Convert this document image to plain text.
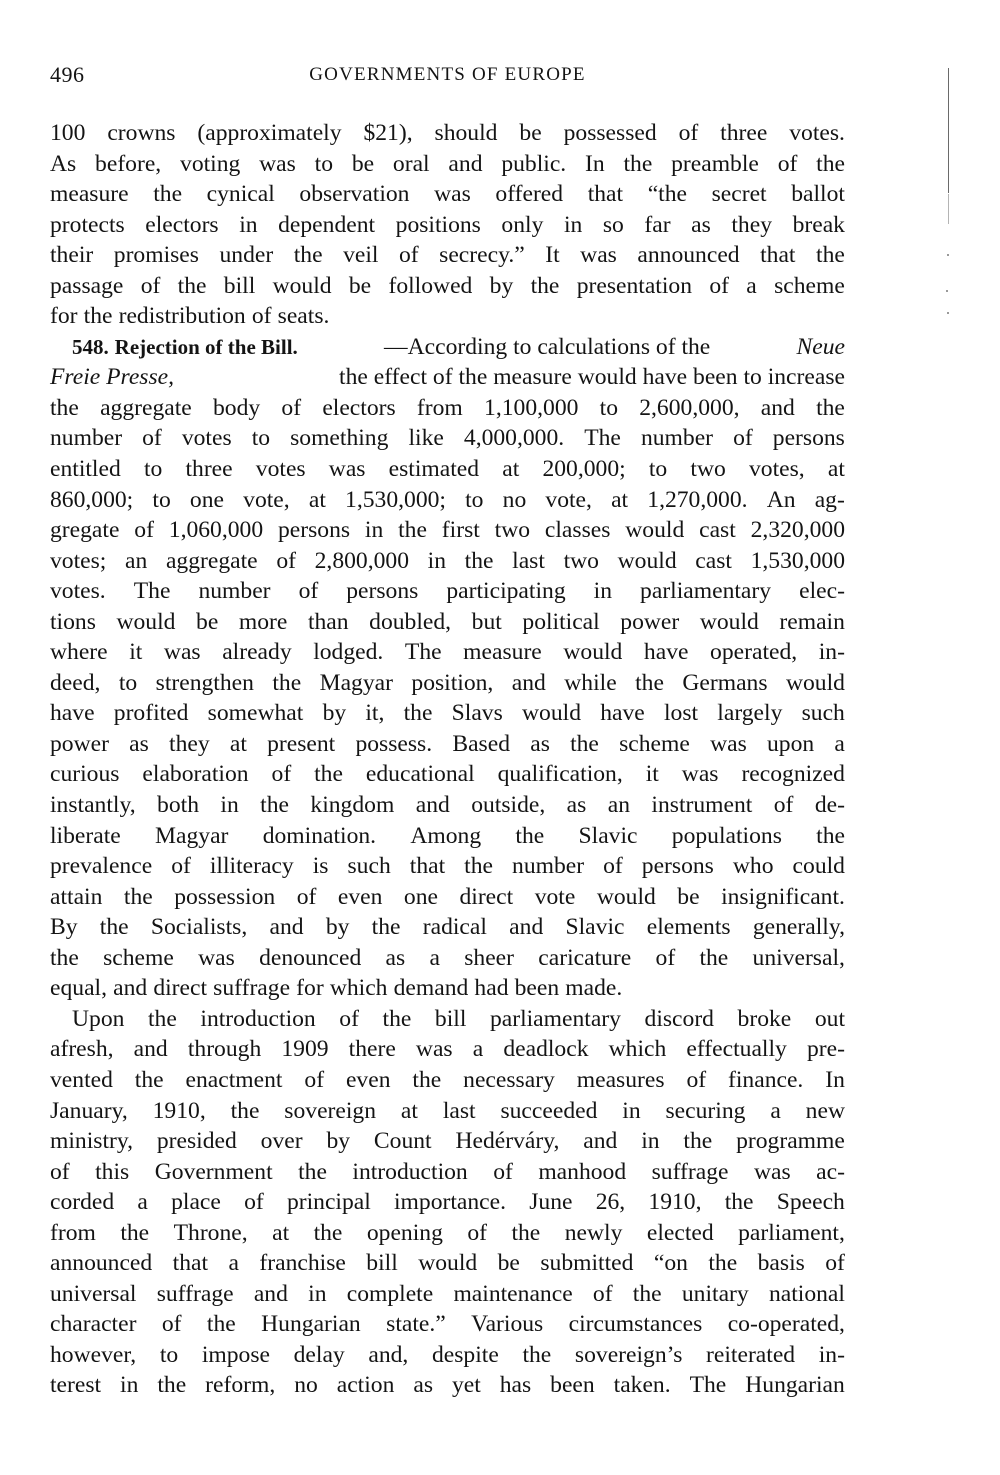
496	GOVERNMENTS OF EUROPE
100 crowns (approximately $21), should be possessed of three votes.
As before, voting was to be oral and public. In the preamble of the
measure the cynical observation was offered that “the secret ballot
protects electors in dependent positions only in so far as they break
their promises under the veil of secrecy.” It was announced that the
passage of the bill would be followed by the presentation of a scheme
for the redistribution of seats.
548. Rejection of the Bill.	—According to calculations of the	Neue
Freie Presse,	the effect of the measure would have been to increase
the aggregate body of electors from 1,100,000 to 2,600,000, and the
number of votes to something like 4,000,000. The number of persons
entitled to three votes was estimated at 200,000; to two votes, at
860,000; to one vote, at 1,530,000; to no vote, at 1,270,000. An ag-
gregate of 1,060,000 persons in the first two classes would cast 2,320,000
votes; an aggregate of 2,800,000 in the last two would cast 1,530,000
votes. The number of persons participating in parliamentary elec-
tions would be more than doubled, but political power would remain
where it was already lodged. The measure would have operated, in-
deed, to strengthen the Magyar position, and while the Germans would
have profited somewhat by it, the Slavs would have lost largely such
power as they at present possess. Based as the scheme was upon a
curious elaboration of the educational qualification, it was recognized
instantly, both in the kingdom and outside, as an instrument of de-
liberate Magyar domination. Among the Slavic populations the
prevalence of illiteracy is such that the number of persons who could
attain the possession of even one direct vote would be insignificant.
By the Socialists, and by the radical and Slavic elements generally,
the scheme was denounced as a sheer caricature of the universal,
equal, and direct suffrage for which demand had been made.
Upon the introduction of the bill parliamentary discord broke out
afresh, and through 1909 there was a deadlock which effectually pre-
vented the enactment of even the necessary measures of finance. In
January, 1910, the sovereign at last succeeded in securing a new
ministry, presided over by Count Hedérváry, and in the programme
of this Government the introduction of manhood suffrage was ac-
corded a place of principal importance. June 26, 1910, the Speech
from the Throne, at the opening of the newly elected parliament,
announced that a franchise bill would be submitted “on the basis of
universal suffrage and in complete maintenance of the unitary national
character of the Hungarian state.” Various circumstances co-operated,
however, to impose delay and, despite the sovereign’s reiterated in-
terest in the reform, no action as yet has been taken. The Hungarian
